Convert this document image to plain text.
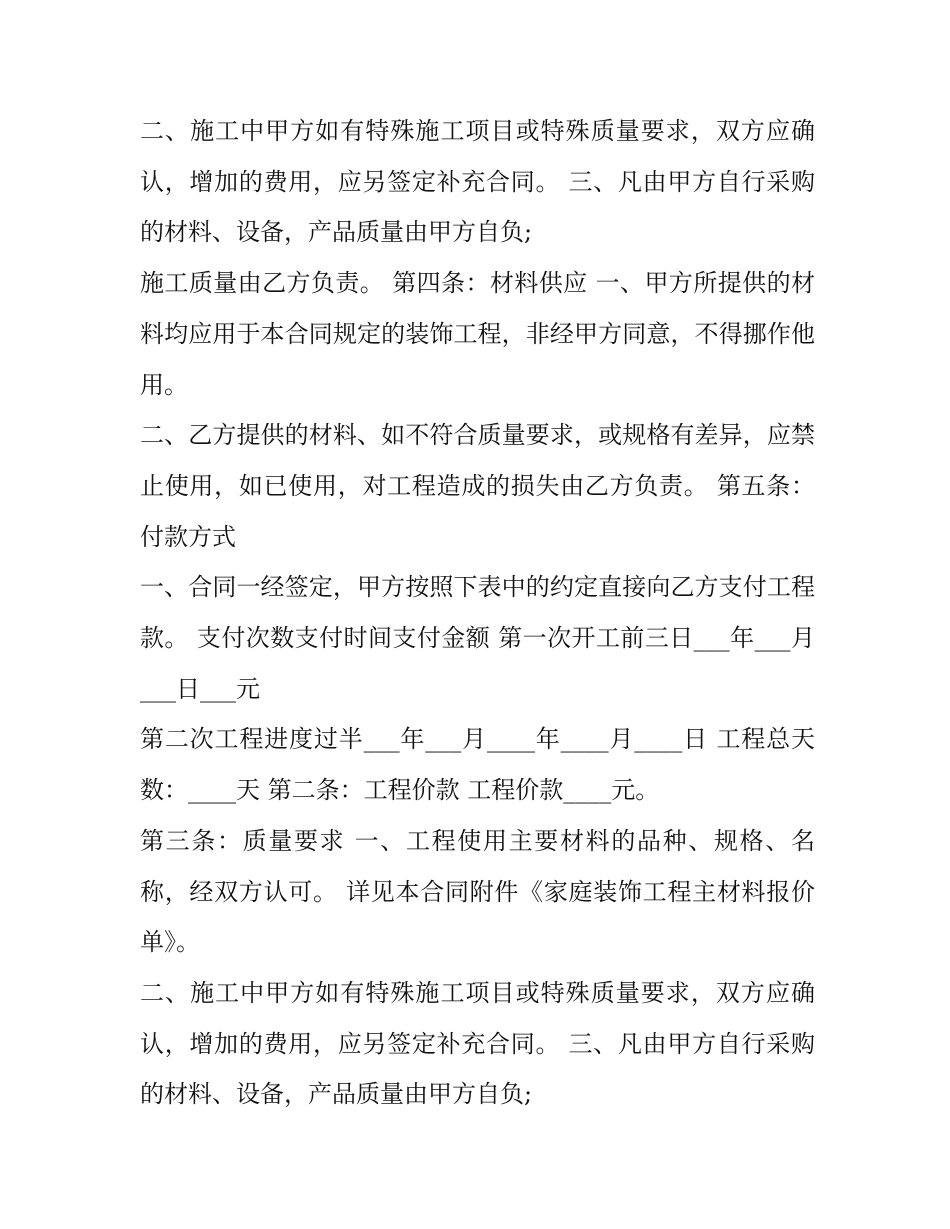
二、施工中甲方如有特殊施工项目或特殊质量要求，双方应确认，增加的费用，应另签定补充合同。 三、凡由甲方自行采购的材料、设备，产品质量由甲方自负;

施工质量由乙方负责。 第四条：材料供应 一、甲方所提供的材料均应用于本合同规定的装饰工程，非经甲方同意，不得挪作他用。

二、乙方提供的材料、如不符合质量要求，或规格有差异，应禁止使用，如已使用，对工程造成的损失由乙方负责。 第五条：付款方式

一、合同一经签定，甲方按照下表中的约定直接向乙方支付工程款。 支付次数支付时间支付金额 第一次开工前三日___年___月___日___元

第二次工程进度过半___年___月____年____月____日 工程总天数：____天 第二条：工程价款 工程价款____元。

第三条：质量要求 一、工程使用主要材料的品种、规格、名称，经双方认可。 详见本合同附件《家庭装饰工程主材料报价单》。

二、施工中甲方如有特殊施工项目或特殊质量要求，双方应确认，增加的费用，应另签定补充合同。 三、凡由甲方自行采购的材料、设备，产品质量由甲方自负;
